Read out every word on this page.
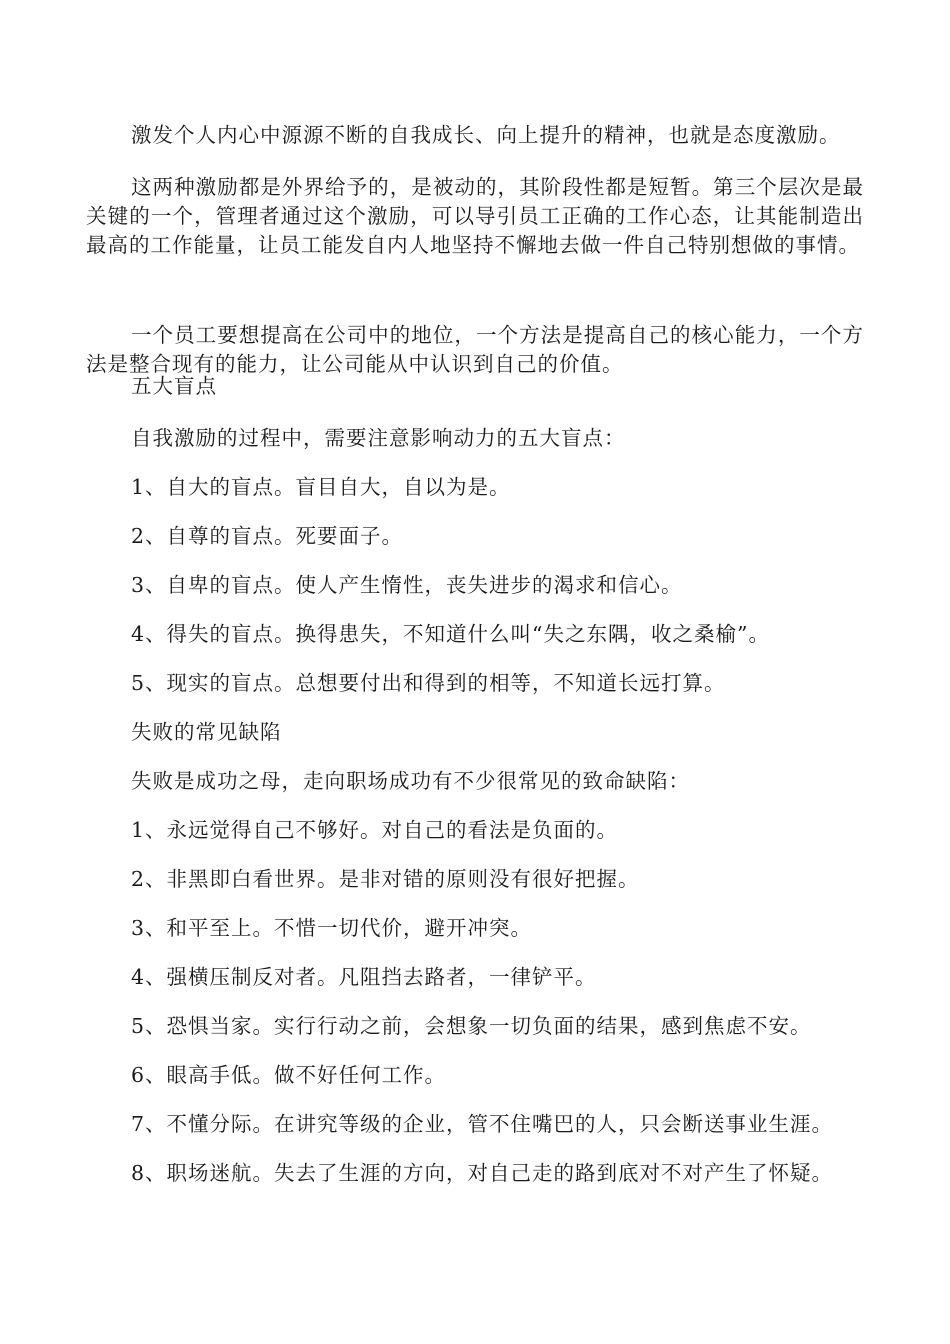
激发个人内心中源源不断的自我成长、向上提升的精神，也就是态度激励。
这两种激励都是外界给予的，是被动的，其阶段性都是短暂。第三个层次是最关键的一个，管理者通过这个激励，可以导引员工正确的工作心态，让其能制造出最高的工作能量，让员工能发自内人地坚持不懈地去做一件自己特别想做的事情。
一个员工要想提高在公司中的地位，一个方法是提高自己的核心能力，一个方法是整合现有的能力，让公司能从中认识到自己的价值。
五大盲点
自我激励的过程中，需要注意影响动力的五大盲点：
1、自大的盲点。盲目自大，自以为是。
2、自尊的盲点。死要面子。
3、自卑的盲点。使人产生惰性，丧失进步的渴求和信心。
4、得失的盲点。换得患失，不知道什么叫“失之东隅，收之桑榆”。
5、现实的盲点。总想要付出和得到的相等，不知道长远打算。
失败的常见缺陷
失败是成功之母，走向职场成功有不少很常见的致命缺陷：
1、永远觉得自己不够好。对自己的看法是负面的。
2、非黑即白看世界。是非对错的原则没有很好把握。
3、和平至上。不惜一切代价，避开冲突。
4、强横压制反对者。凡阻挡去路者，一律铲平。
5、恐惧当家。实行行动之前，会想象一切负面的结果，感到焦虑不安。
6、眼高手低。做不好任何工作。
7、不懂分际。在讲究等级的企业，管不住嘴巴的人，只会断送事业生涯。
8、职场迷航。失去了生涯的方向，对自己走的路到底对不对产生了怀疑。
